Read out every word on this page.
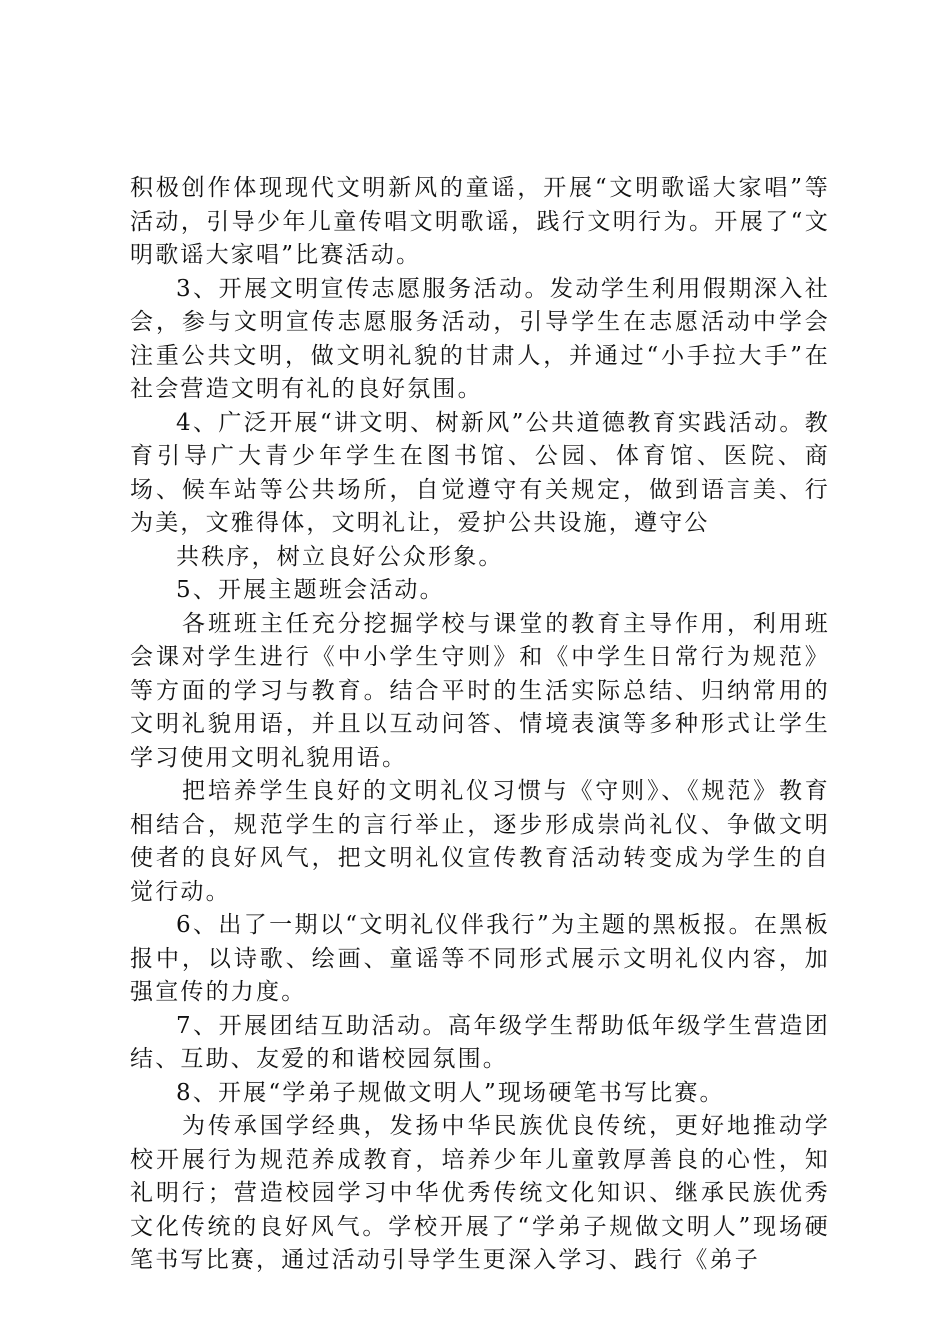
积极创作体现现代文明新风的童谣，开展“文明歌谣大家唱”等活动，引导少年儿童传唱文明歌谣，践行文明行为。开展了“文明歌谣大家唱”比赛活动。

3、开展文明宣传志愿服务活动。发动学生利用假期深入社会，参与文明宣传志愿服务活动，引导学生在志愿活动中学会注重公共文明，做文明礼貌的甘肃人，并通过“小手拉大手”在社会营造文明有礼的良好氛围。

4、广泛开展“讲文明、树新风”公共道德教育实践活动。教育引导广大青少年学生在图书馆、公园、体育馆、医院、商场、候车站等公共场所，自觉遵守有关规定，做到语言美、行为美，文雅得体，文明礼让，爱护公共设施，遵守公

共秩序，树立良好公众形象。

5、开展主题班会活动。

各班班主任充分挖掘学校与课堂的教育主导作用，利用班会课对学生进行《中小学生守则》和《中学生日常行为规范》等方面的学习与教育。结合平时的生活实际总结、归纳常用的文明礼貌用语，并且以互动问答、情境表演等多种形式让学生学习使用文明礼貌用语。

把培养学生良好的文明礼仪习惯与《守则》、《规范》教育相结合，规范学生的言行举止，逐步形成崇尚礼仪、争做文明使者的良好风气，把文明礼仪宣传教育活动转变成为学生的自觉行动。

6、出了一期以“文明礼仪伴我行”为主题的黑板报。在黑板报中，以诗歌、绘画、童谣等不同形式展示文明礼仪内容，加强宣传的力度。

7、开展团结互助活动。高年级学生帮助低年级学生营造团结、互助、友爱的和谐校园氛围。

8、开展“学弟子规做文明人”现场硬笔书写比赛。

为传承国学经典，发扬中华民族优良传统，更好地推动学校开展行为规范养成教育，培养少年儿童敦厚善良的心性，知礼明行；营造校园学习中华优秀传统文化知识、继承民族优秀文化传统的良好风气。学校开展了“学弟子规做文明人”现场硬笔书写比赛，通过活动引导学生更深入学习、践行《弟子
